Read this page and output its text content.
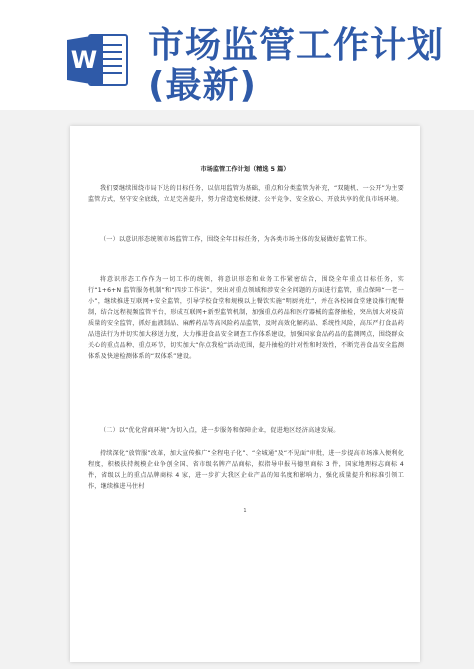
W 市场监管工作计划
(最新)
市场监管工作计划（精选 5 篇）

我们要继续围绕市局下达的目标任务，以信用监管为基础，重点和分类监管为补充，“双随机、一公开”为主要监管方式，坚守安全底线，立足完善提升，努力营造宽松便捷、公平竞争、安全放心、开放共享的优良市场环境。

（一）以意识形态统领市场监管工作，围绕全年目标任务，为各类市场主体的发展做好监管工作。

将意识形态工作作为一切工作的统领，将意识形态和业务工作紧密结合，围绕全年重点目标任务，实行“1+6+N 监管服务机制”和“四步工作法”，突出对重点领域和涉安全全问题的方面进行监管，重点保障“一老一小”，继续推进互联网+安全监管，引导学校食堂和规模以上餐饮实施“明厨亮灶”，并在各校园食堂建设推行配餐制，结合远程视频监管平台，形成互联网+新型监管机制，加强重点药品和医疗器械的监督抽检，突出加大对疫苗质量的安全监管，抓好血液制品、麻醉药品等高风险药品监管，及时高效化解药品、系统性风险，高压严打食品药品违法行为并切实加大移送力度，大力推进食品安全调查工作体系建设，加强国家食品药品的监测网点，围绕群众关心的重点品种、重点环节，切实加大“你点我检”活动范围，提升抽检的针对性和时效性，不断完善食品安全监测体系及快速检测体系的“双体系”建设。

（二）以“优化营商环境”为切入点，进一步服务和保障企业，促进地区经济高速发展。

持续深化“放管服”改革，加大宣传推广“全程电子化”、“全城通”及“不见面”审批，进一步提高市场准入便利化程度，积极扶持规模企业争创全国、省市级名牌产品商标，拟指导申报马德里商标 3 件，国家地理标志商标 4 件，省级以上的重点品牌商标 4 家，进一步扩大我区企业产品的知名度和影响力，强化质量提升和标准引领工作，继续推进马住村

1
